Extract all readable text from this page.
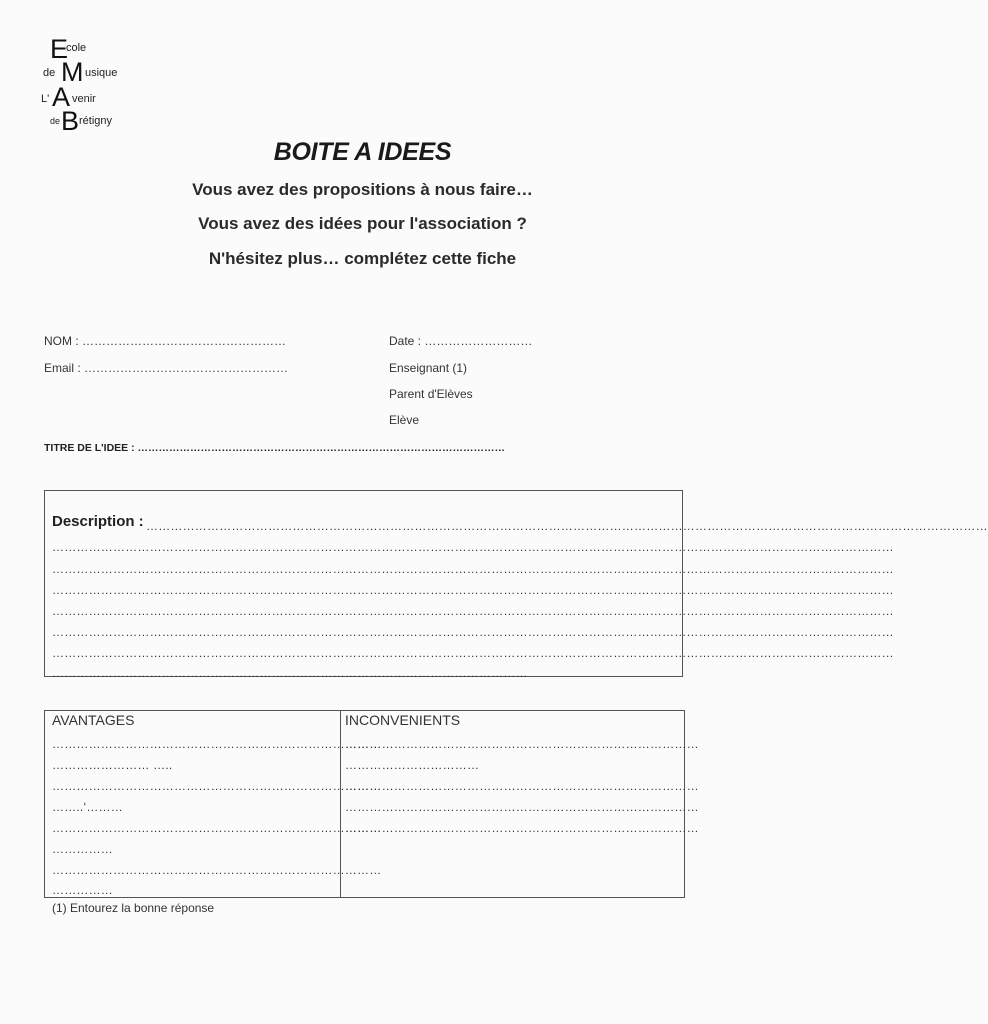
E
cole
de M usique
L' A venir
de B rétigny
BOITE A IDEES
Vous avez des propositions à nous faire…
Vous avez des idées pour l'association ?
N'hésitez plus… complétez cette fiche
NOM : ……………………………………………
Email : ……………………………………………
Date : ………………………
Enseignant (1)
Parent d'Elèves
Elève
TITRE DE L'IDEE : ……………………………………………………………………………………………
Description : ………………………………………………………………………………………………………………………………………………………………………………………
………………………………………………………………………………………………………………………………………………………………………………………
………………………………………………………………………………………………………………………………………………………………………………………
………………………………………………………………………………………………………………………………………………………………………………………
………………………………………………………………………………………………………………………………………………………………………………………
………………………………………………………………………………………………………………………………………………………………………………………
………………………………………………………………………………………………………………………………………………………………………………………
………………………………………………………………………………………………………
AVANTAGES	INCONVENIENTS
………………………………………………………………………
…………………… …..
………………………………………………………………………
……..‘………
………………………………………………………………………
……………
………………………………………………………………………
……………
……………………………………………………………………………
……………………………
……………………………………………………………………………
……………………………………………………………………………
……………………………………………………………………………
(1) Entourez la bonne réponse
